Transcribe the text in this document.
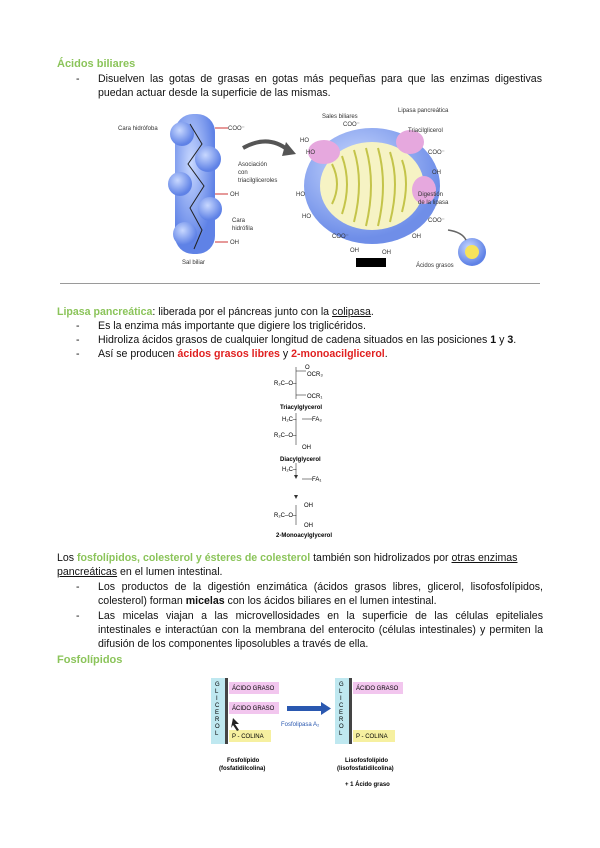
Ácidos biliares
-	Disuelven las gotas de grasas en gotas más pequeñas para que las enzimas digestivas puedan actuar desde la superficie de las mismas.
Cara hidrófoba	COO⁻
OH
OH
Asociación
con
triacilgliceroles
Cara
hidrófila
Sal biliar
Sales biliares
COO⁻
Lipasa pancreática
Triacilglicerol
HO
HO
HO
HO
COO⁻
OH	OH
COO⁻
OH
COO⁻
OH
Digestión
de la lipasa
Ácidos grasos
Lipasa pancreática: liberada por el páncreas junto con la colipasa.
-	Es la enzima más importante que digiere los triglicéridos.
-	Hidroliza ácidos grasos de cualquier longitud de cadena situados en las posiciones 1 y 3.
-	Así se producen ácidos grasos libres y 2-monoacilglicerol.
O
OCR₃
R₂C–O–
OCR₁
Triacylglycerol
H₂C–	FA₃
R₂C–O–
OH
Diacylglycerol
H₂C–
FA₁
OH
R₂C–O–
OH
2-Monoacylglycerol
Los fosfolípidos, colesterol y ésteres de colesterol también son hidrolizados por otras enzimas
pancreáticas en el lumen intestinal.
-	Los productos de la digestión enzimática (ácidos grasos libres, glicerol, lisofosfolípidos, colesterol) forman micelas con los ácidos biliares en el lumen intestinal.
-	Las micelas viajan a las microvellosidades en la superficie de las células epiteliales intestinales e interactúan con la membrana del enterocito (células intestinales) y permiten la difusión de los componentes liposolubles a través de ella.
Fosfolípidos
ÁCIDO GRASO
ÁCIDO GRASO
P - COLINA
G
L
I
C
E
R
O
L
Fosfolipasa A₂
ÁCIDO GRASO
P - COLINA
G
L
I
C
E
R
O
L
Fosfolípido
(fosfatidilcolina)
Lisofosfolípido
(lisofosfatidilcolina)
+ 1 Ácido graso
